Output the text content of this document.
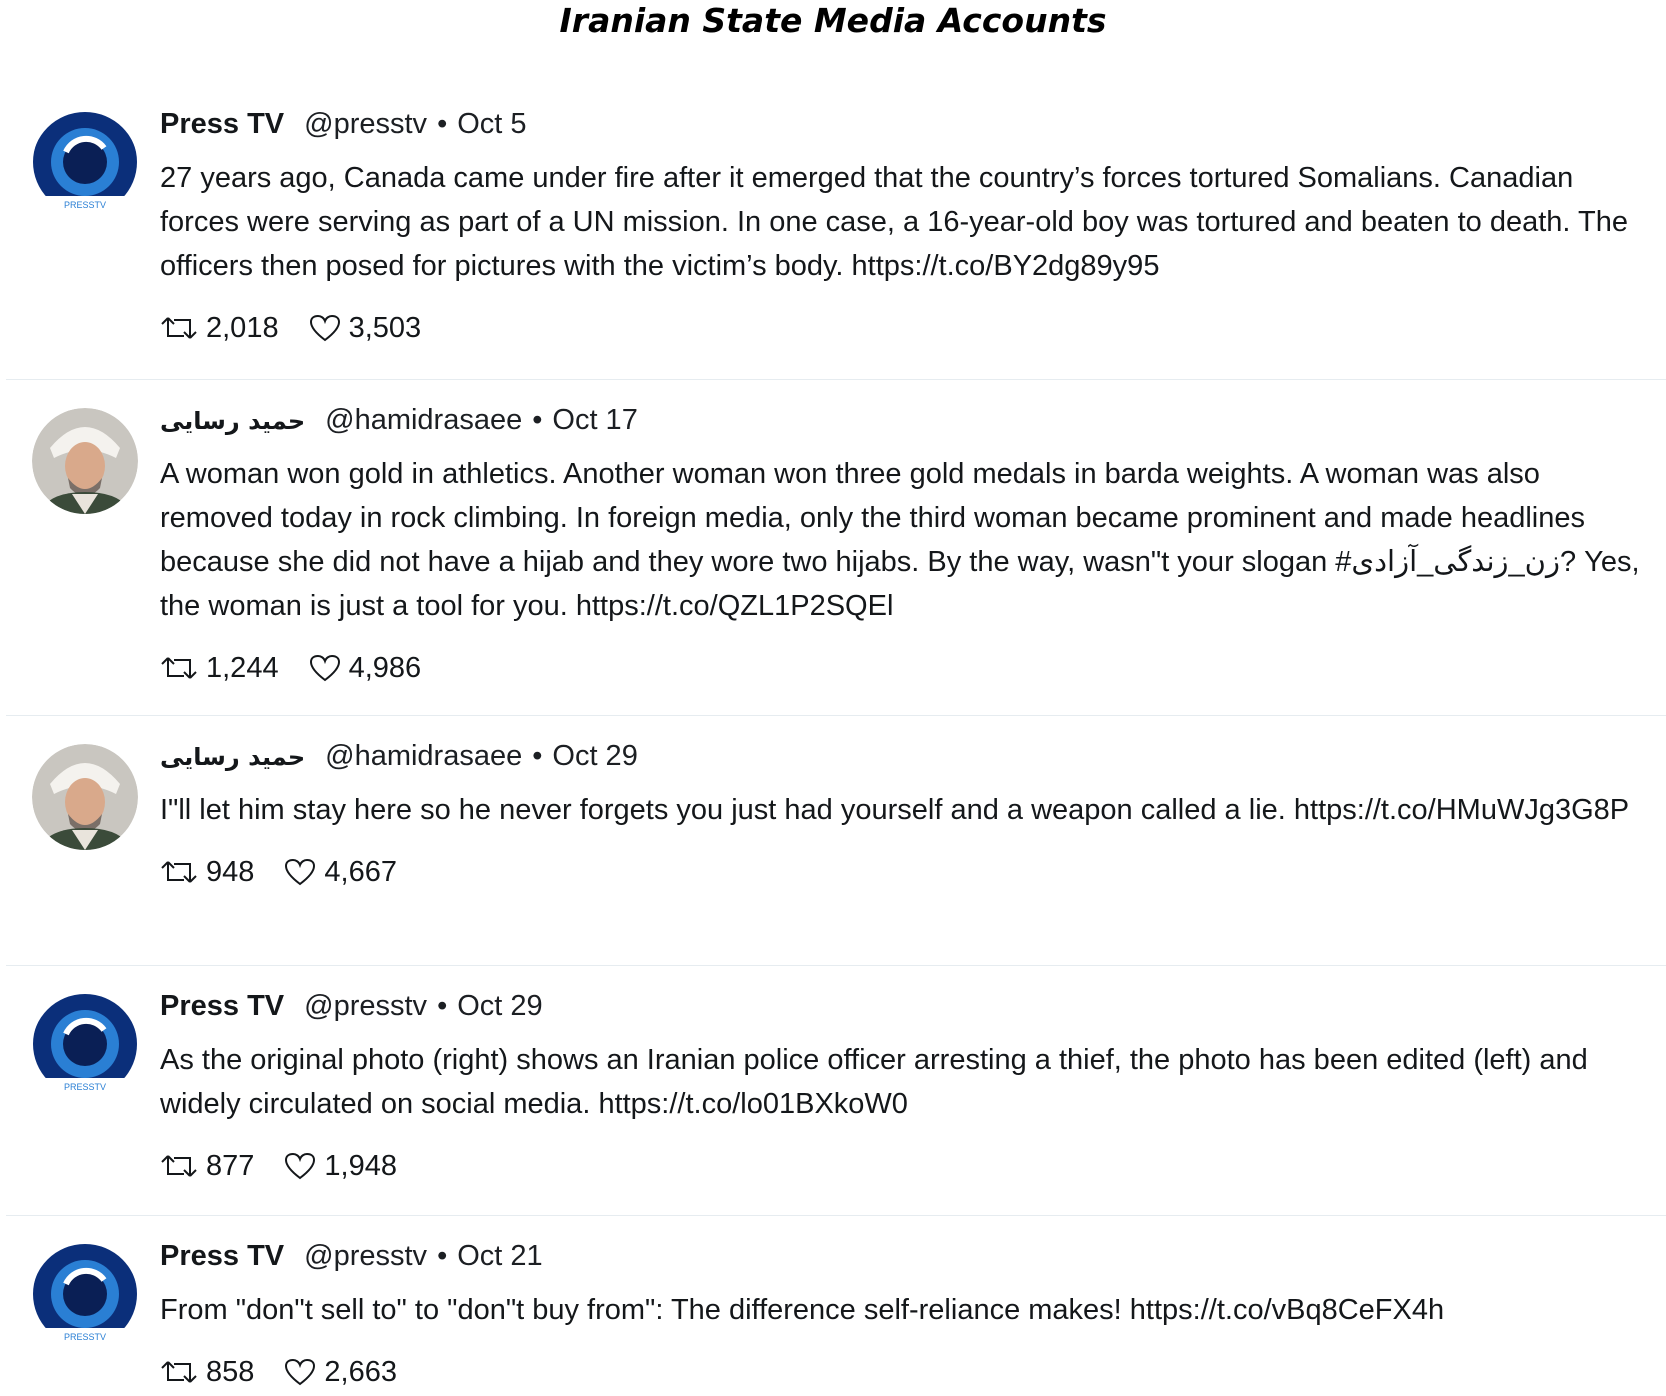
Iranian State Media Accounts
PRESSTV
Press TV @presstv • Oct 5
27 years ago, Canada came under fire after it emerged that the country’s forces tortured Somalians. Canadian forces were serving as part of a UN mission. In one case, a 16-year-old boy was tortured and beaten to death. The officers then posed for pictures with the victim’s body. https://t.co/BY2dg89y95
2,018 3,503
حمید رسایی @hamidrasaee • Oct 17
A woman won gold in athletics. Another woman won three gold medals in barda weights. A woman was also removed today in rock climbing. In foreign media, only the third woman became prominent and made headlines because she did not have a hijab and they wore two hijabs. By the way, wasn"t your slogan #زن_زندگی_آزادی? Yes, the woman is just a tool for you. https://t.co/QZL1P2SQEl
1,244 4,986
حمید رسایی @hamidrasaee • Oct 29
I"ll let him stay here so he never forgets you just had yourself and a weapon called a lie. https://t.co/HMuWJg3G8P
948 4,667
PRESSTV
Press TV @presstv • Oct 29
As the original photo (right) shows an Iranian police officer arresting a thief, the photo has been edited (left) and widely circulated on social media. https://t.co/lo01BXkoW0
877 1,948
PRESSTV
Press TV @presstv • Oct 21
From "don"t sell to" to "don"t buy from": The difference self-reliance makes! https://t.co/vBq8CeFX4h
858 2,663
